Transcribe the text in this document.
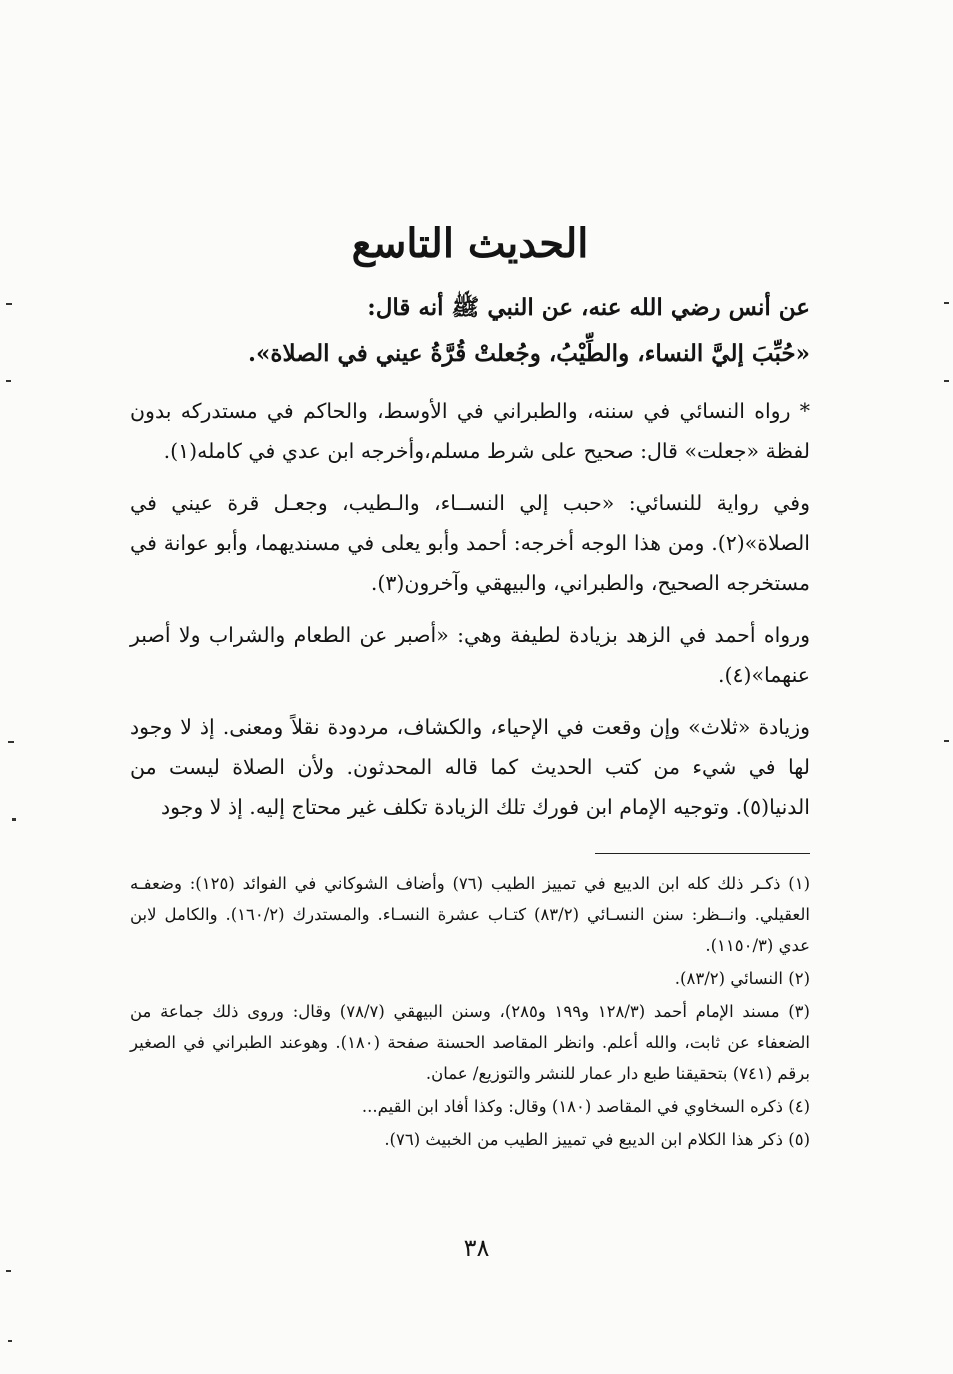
الحديث التاسع

عن أنس رضي الله عنه، عن النبي ﷺ أنه قال:

«حُبِّبَ إليَّ النساء، والطِّيْبُ، وجُعلتْ قُرَّةُ عيني في الصلاة».

* رواه النسائي في سننه، والطبراني في الأوسط، والحاكم في مستدركه بدون لفظة «جعلت» قال: صحيح على شرط مسلم،وأخرجه ابن عدي في كامله(١).

وفي رواية للنسائي: «حبب إلي النســاء، والـطيب، وجعـل قرة عيني في الصلاة»(٢). ومن هذا الوجه أخرجه: أحمد وأبو يعلى في مسنديهما، وأبو عوانة في مستخرجه الصحيح، والطبراني، والبيهقي وآخرون(٣).

ورواه أحمد في الزهد بزيادة لطيفة وهي: «أصبر عن الطعام والشراب ولا أصبر عنهما»(٤).

وزيادة «ثلاث» وإن وقعت في الإحياء، والكشاف، مردودة نقلاً ومعنى. إذ لا وجود لها في شيء من كتب الحديث كما قاله المحدثون. ولأن الصلاة ليست من الدنيا(٥). وتوجيه الإمام ابن فورك تلك الزيادة تكلف غير محتاج إليه. إذ لا وجود

(١) ذكـر ذلك كله ابن الديبع في تمييز الطيب (٧٦) وأضاف الشوكاني في الفوائد (١٢٥): وضعفـه العقيلي. وانــظر: سنن النسـائي (٨٣/٢) كتـاب عشرة النسـاء. والمستدرك (١٦٠/٢). والكامل لابن عدي (١١٥٠/٣).

(٢) النسائي (٨٣/٢).

(٣) مسند الإمام أحمد (١٢٨/٣ و١٩٩ و٢٨٥)، وسنن البيهقي (٧٨/٧) وقال: وروى ذلك جماعة من الضعفاء عن ثابت، والله أعلم. وانظر المقاصد الحسنة صفحة (١٨٠). وهوعند الطبراني في الصغير برقم (٧٤١) بتحقيقنا طبع دار عمار للنشر والتوزيع/ عمان.

(٤) ذكره السخاوي في المقاصد (١٨٠) وقال: وكذا أفاد ابن القيم...

(٥) ذكر هذا الكلام ابن الديبع في تمييز الطيب من الخبيث (٧٦).

٣٨
